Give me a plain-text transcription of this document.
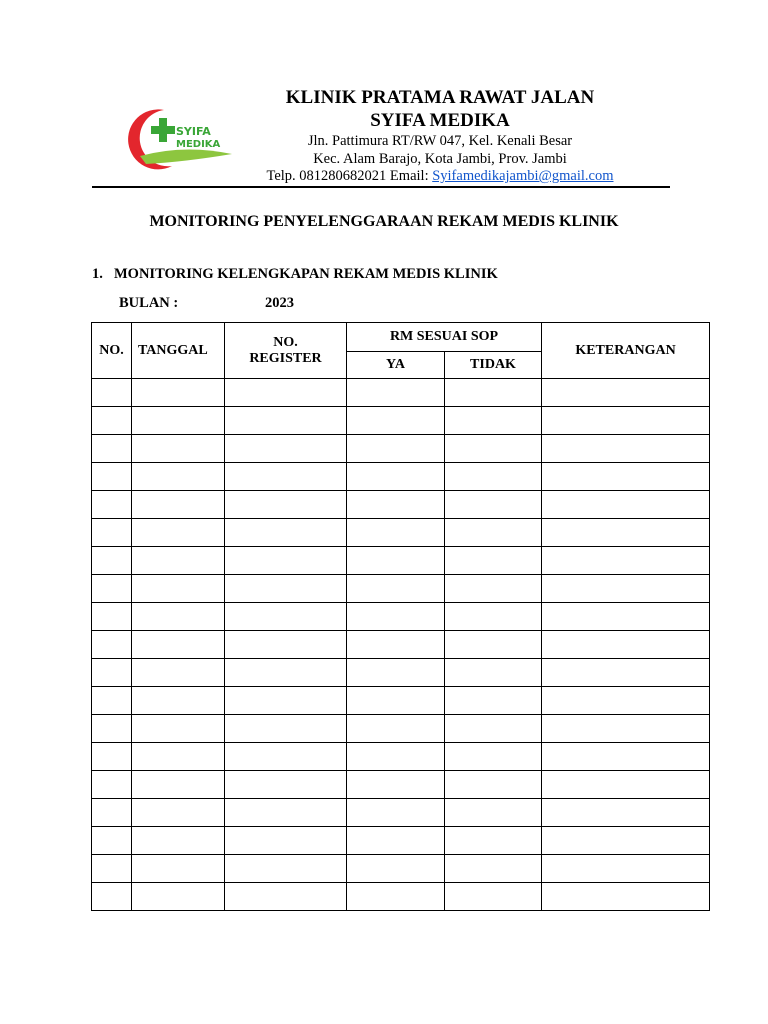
SYIFA
MEDIKA
KLINIK PRATAMA RAWAT JALAN
SYIFA MEDIKA
Jln. Pattimura RT/RW 047, Kel. Kenali Besar
Kec. Alam Barajo, Kota Jambi, Prov. Jambi
Telp. 081280682021 Email: Syifamedikajambi@gmail.com
MONITORING PENYELENGGARAAN REKAM MEDIS KLINIK
1. MONITORING KELENGKAPAN REKAM MEDIS KLINIK
BULAN :	2023
NO.	TANGGAL	NO. REGISTER	RM SESUAI SOP		KETERANGAN
			YA	TIDAK	
